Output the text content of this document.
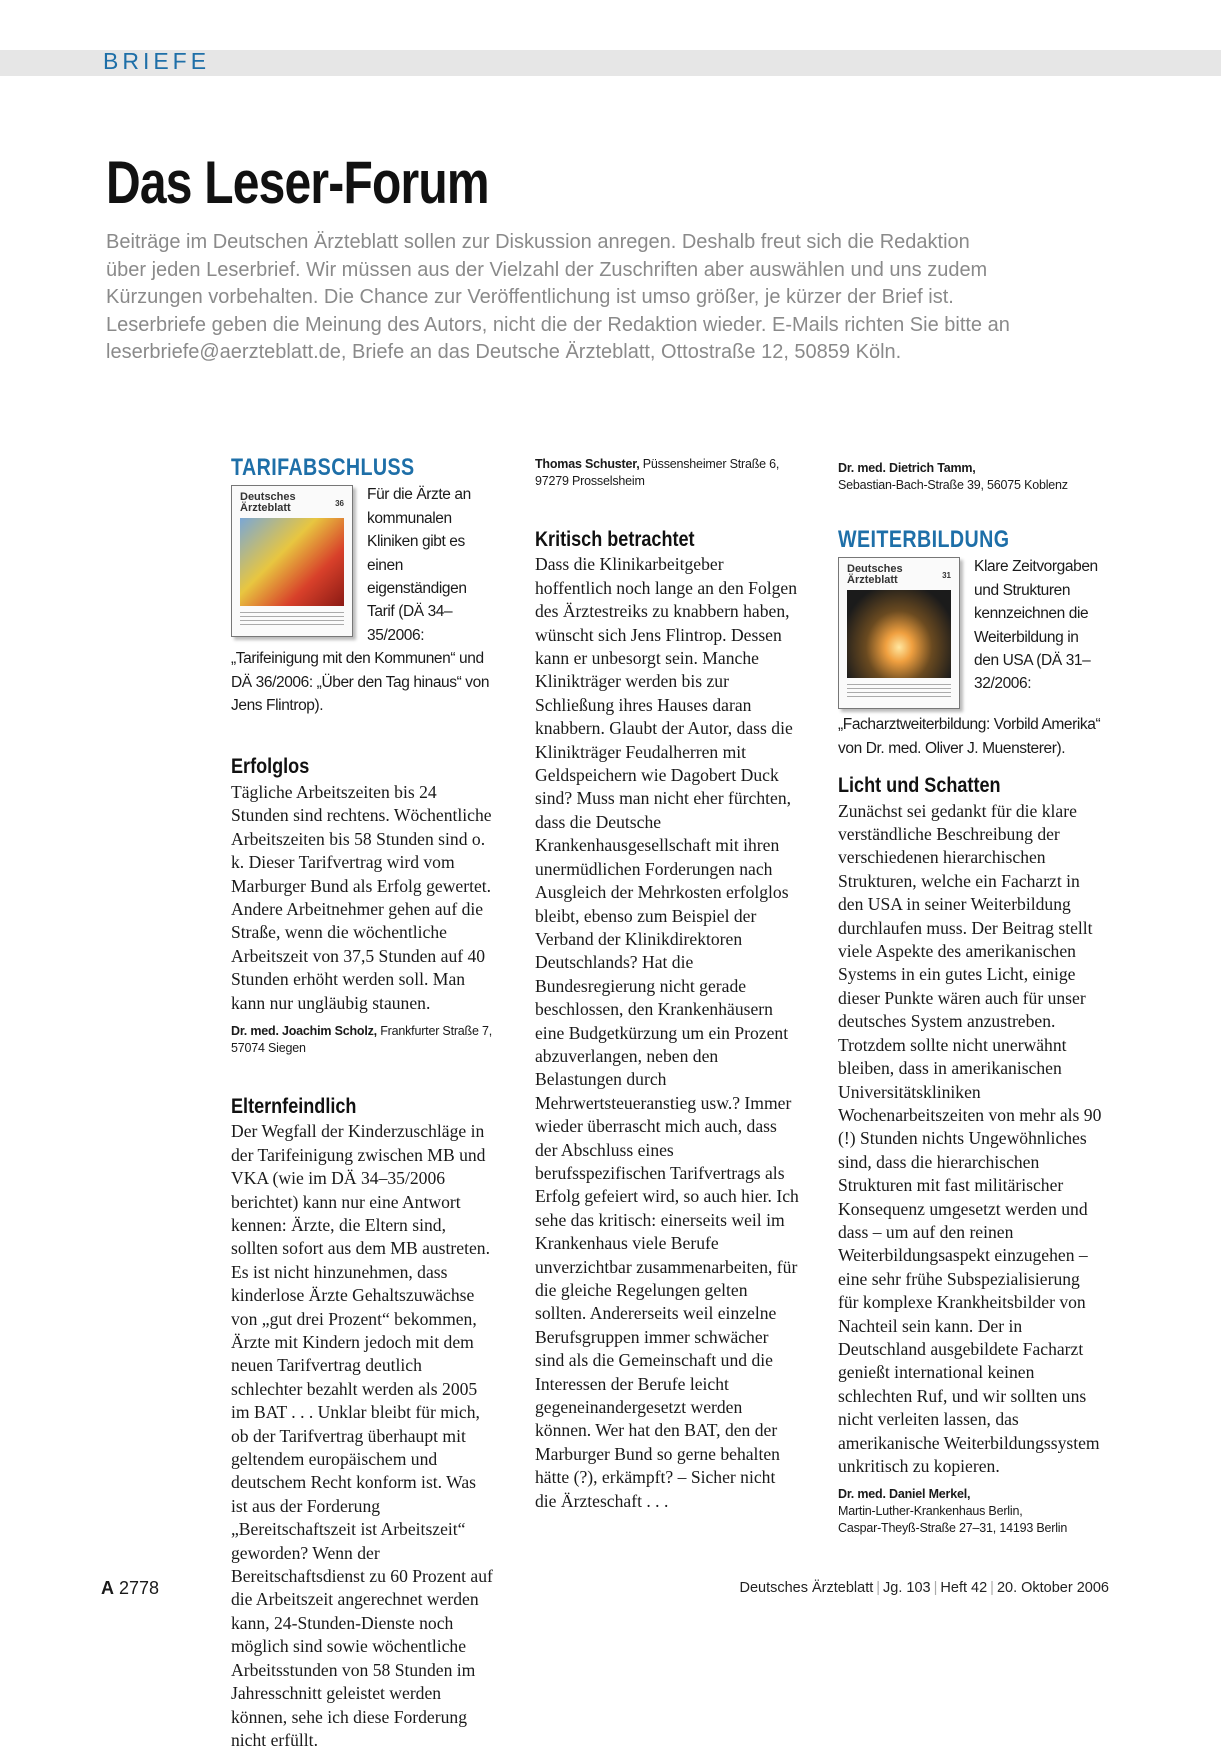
BRIEFE
Das Leser-Forum
Beiträge im Deutschen Ärzteblatt sollen zur Diskussion anregen. Deshalb freut sich die Redaktion über jeden Leserbrief. Wir müssen aus der Vielzahl der Zuschriften aber auswählen und uns zudem Kürzungen vorbehalten. Die Chance zur Veröffentlichung ist umso größer, je kürzer der Brief ist. Leserbriefe geben die Meinung des Autors, nicht die der Redaktion wieder. E-Mails richten Sie bitte an leserbriefe@aerzteblatt.de, Briefe an das Deutsche Ärzteblatt, Ottostraße 12, 50859 Köln.
TARIFABSCHLUSS
Deutsches
Ärzteblatt	36

Für die Ärzte an kommunalen Kliniken gibt es einen eigenständigen Tarif (DÄ 34–35/2006: „Tarifeinigung mit den Kommunen“ und DÄ 36/2006: „Über den Tag hinaus“ von Jens Flintrop).

Erfolglos

Tägliche Arbeitszeiten bis 24 Stunden sind rechtens. Wöchentliche Arbeitszeiten bis 58 Stunden sind o. k. Dieser Tarifvertrag wird vom Marburger Bund als Erfolg gewertet. Andere Arbeitnehmer gehen auf die Straße, wenn die wöchentliche Arbeitszeit von 37,5 Stunden auf 40 Stunden erhöht werden soll. Man kann nur ungläubig staunen.

Dr. med. Joachim Scholz, Frankfurter Straße 7, 57074 Siegen
Elternfeindlich

Der Wegfall der Kinderzuschläge in der Tarifeinigung zwischen MB und VKA (wie im DÄ 34–35/2006 berichtet) kann nur eine Antwort kennen: Ärzte, die Eltern sind, sollten sofort aus dem MB austreten. Es ist nicht hinzunehmen, dass kinderlose Ärzte Gehaltszuwächse von „gut drei Prozent“ bekommen, Ärzte mit Kindern jedoch mit dem neuen Tarifvertrag deutlich schlechter bezahlt werden als 2005 im BAT . . . Unklar bleibt für mich, ob der Tarifvertrag überhaupt mit geltendem europäischem und deutschem Recht konform ist. Was ist aus der Forderung „Bereitschaftszeit ist Arbeitszeit“ geworden? Wenn der Bereitschaftsdienst zu 60 Prozent auf die Arbeitszeit angerechnet werden kann, 24-Stunden-Dienste noch möglich sind sowie wöchentliche Arbeitsstunden von 58 Stunden im Jahresschnitt geleistet werden können, sehe ich diese Forderung nicht erfüllt.

Thomas Schuster, Püssensheimer Straße 6, 97279 Prosselsheim
Kritisch betrachtet

Dass die Klinikarbeitgeber hoffentlich noch lange an den Folgen des Ärztestreiks zu knabbern haben, wünscht sich Jens Flintrop. Dessen kann er unbesorgt sein. Manche Klinikträger werden bis zur Schließung ihres Hauses daran knabbern. Glaubt der Autor, dass die Klinikträger Feudalherren mit Geldspeichern wie Dagobert Duck sind? Muss man nicht eher fürchten, dass die Deutsche Krankenhausgesellschaft mit ihren unermüdlichen Forderungen nach Ausgleich der Mehrkosten erfolglos bleibt, ebenso zum Beispiel der Verband der Klinikdirektoren Deutschlands? Hat die Bundesregierung nicht gerade beschlossen, den Krankenhäusern eine Budgetkürzung um ein Prozent abzuverlangen, neben den Belastungen durch Mehrwertsteueranstieg usw.? Immer wieder überrascht mich auch, dass der Abschluss eines berufsspezifischen Tarifvertrags als Erfolg gefeiert wird, so auch hier. Ich sehe das kritisch: einerseits weil im Krankenhaus viele Berufe unverzichtbar zusammenarbeiten, für die gleiche Regelungen gelten sollten. Andererseits weil einzelne Berufsgruppen immer schwächer sind als die Gemeinschaft und die Interessen der Berufe leicht gegeneinandergesetzt werden können. Wer hat den BAT, den der Marburger Bund so gerne behalten hätte (?), erkämpft? – Sicher nicht die Ärzteschaft . . .

Dr. med. Dietrich Tamm,
Sebastian-Bach-Straße 39, 56075 Koblenz
WEITERBILDUNG
Deutsches
Ärzteblatt	31

Klare Zeitvorgaben und Strukturen kennzeichnen die Weiterbildung in den USA (DÄ 31–32/2006: „Facharztweiterbildung: Vorbild Amerika“ von Dr. med. Oliver J. Muensterer).

Licht und Schatten

Zunächst sei gedankt für die klare verständliche Beschreibung der verschiedenen hierarchischen Strukturen, welche ein Facharzt in den USA in seiner Weiterbildung durchlaufen muss. Der Beitrag stellt viele Aspekte des amerikanischen Systems in ein gutes Licht, einige dieser Punkte wären auch für unser deutsches System anzustreben. Trotzdem sollte nicht unerwähnt bleiben, dass in amerikanischen Universitätskliniken Wochenarbeitszeiten von mehr als 90 (!) Stunden nichts Ungewöhnliches sind, dass die hierarchischen Strukturen mit fast militärischer Konsequenz umgesetzt werden und dass – um auf den reinen Weiterbildungsaspekt einzugehen – eine sehr frühe Subspezialisierung für komplexe Krankheitsbilder von Nachteil sein kann. Der in Deutschland ausgebildete Facharzt genießt international keinen schlechten Ruf, und wir sollten uns nicht verleiten lassen, das amerikanische Weiterbildungssystem unkritisch zu kopieren.

Dr. med. Daniel Merkel,
Martin-Luther-Krankenhaus Berlin,
Caspar-Theyß-Straße 27–31, 14193 Berlin
A 2778	Deutsches Ärzteblatt | Jg. 103 | Heft 42 | 20. Oktober 2006
